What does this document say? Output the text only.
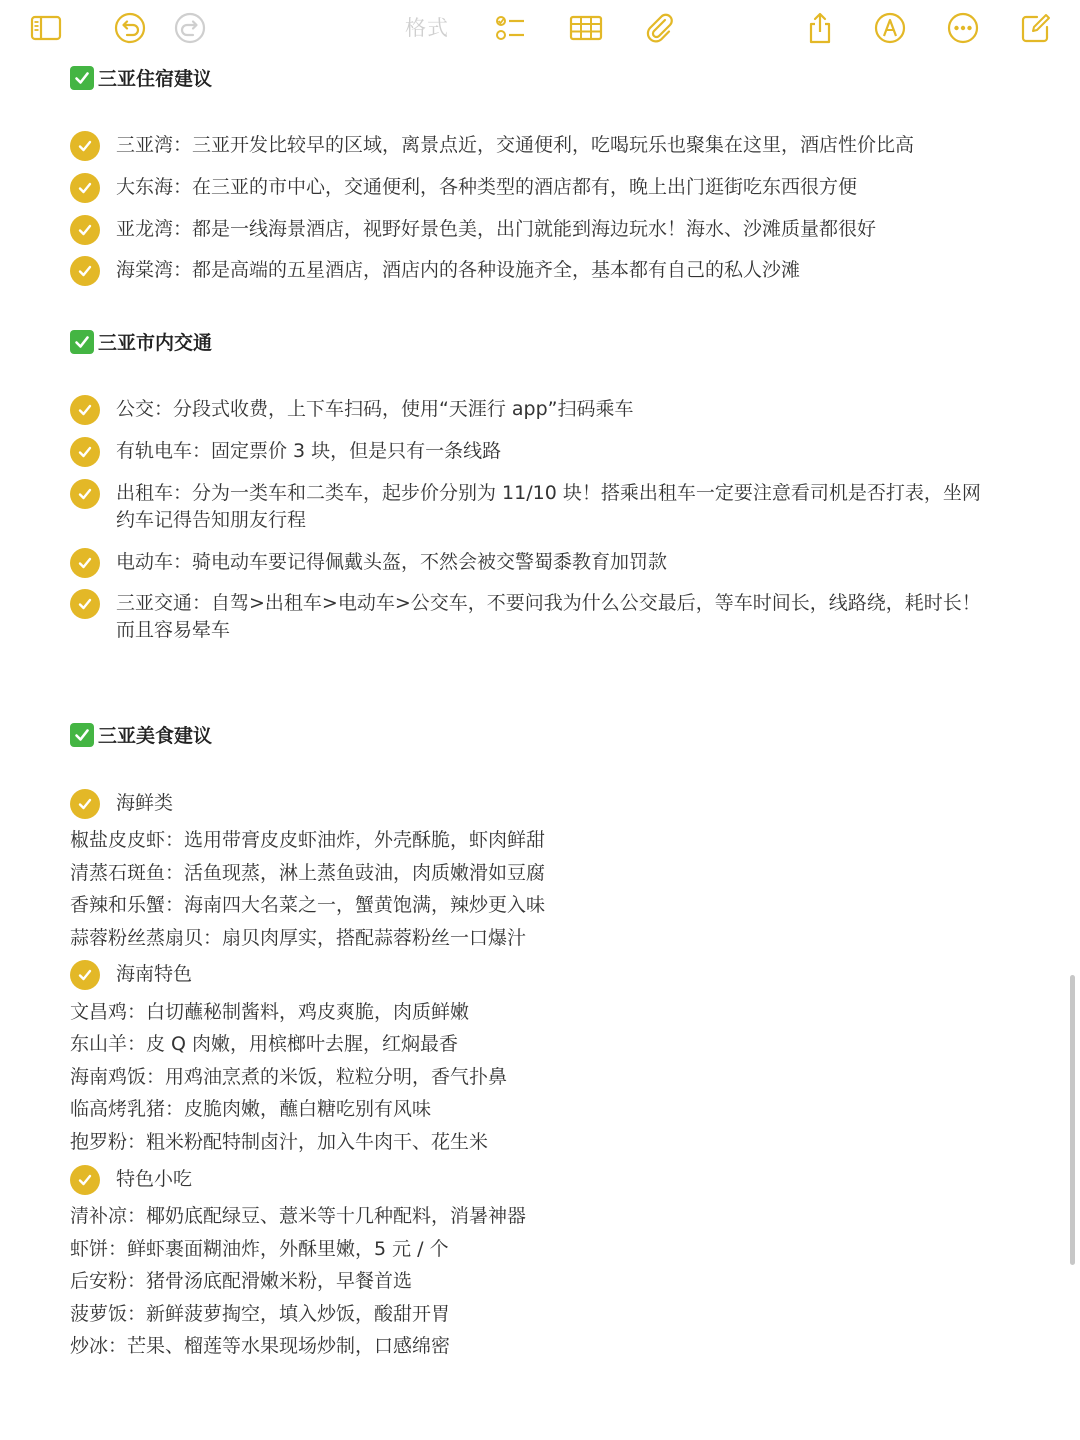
格式
三亚住宿建议
三亚湾：三亚开发比较早的区域，离景点近，交通便利，吃喝玩乐也聚集在这里，酒店性价比高
大东海：在三亚的市中心，交通便利，各种类型的酒店都有，晚上出门逛街吃东西很方便
亚龙湾：都是一线海景酒店，视野好景色美，出门就能到海边玩水！海水、沙滩质量都很好
海棠湾：都是高端的五星酒店，酒店内的各种设施齐全，基本都有自己的私人沙滩
三亚市内交通
公交：分段式收费，上下车扫码，使用“天涯行 app”扫码乘车
有轨电车：固定票价 3 块，但是只有一条线路
出租车：分为一类车和二类车，起步价分别为 11/10 块！搭乘出租车一定要注意看司机是否打表，坐网约车记得告知朋友行程
电动车：骑电动车要记得佩戴头盔，不然会被交警蜀黍教育加罚款
三亚交通：自驾>出租车>电动车>公交车，不要问我为什么公交最后，等车时间长，线路绕，耗时长！而且容易晕车
三亚美食建议
海鲜类
椒盐皮皮虾：选用带膏皮皮虾油炸，外壳酥脆，虾肉鲜甜
清蒸石斑鱼：活鱼现蒸，淋上蒸鱼豉油，肉质嫩滑如豆腐
香辣和乐蟹：海南四大名菜之一，蟹黄饱满，辣炒更入味
蒜蓉粉丝蒸扇贝：扇贝肉厚实，搭配蒜蓉粉丝一口爆汁
海南特色
文昌鸡：白切蘸秘制酱料，鸡皮爽脆，肉质鲜嫩
东山羊：皮 Q 肉嫩，用槟榔叶去腥，红焖最香
海南鸡饭：用鸡油烹煮的米饭，粒粒分明，香气扑鼻
临高烤乳猪：皮脆肉嫩，蘸白糖吃别有风味
抱罗粉：粗米粉配特制卤汁，加入牛肉干、花生米
特色小吃
清补凉：椰奶底配绿豆、薏米等十几种配料，消暑神器
虾饼：鲜虾裹面糊油炸，外酥里嫩，5 元 / 个
后安粉：猪骨汤底配滑嫩米粉，早餐首选
菠萝饭：新鲜菠萝掏空，填入炒饭，酸甜开胃
炒冰：芒果、榴莲等水果现场炒制，口感绵密
